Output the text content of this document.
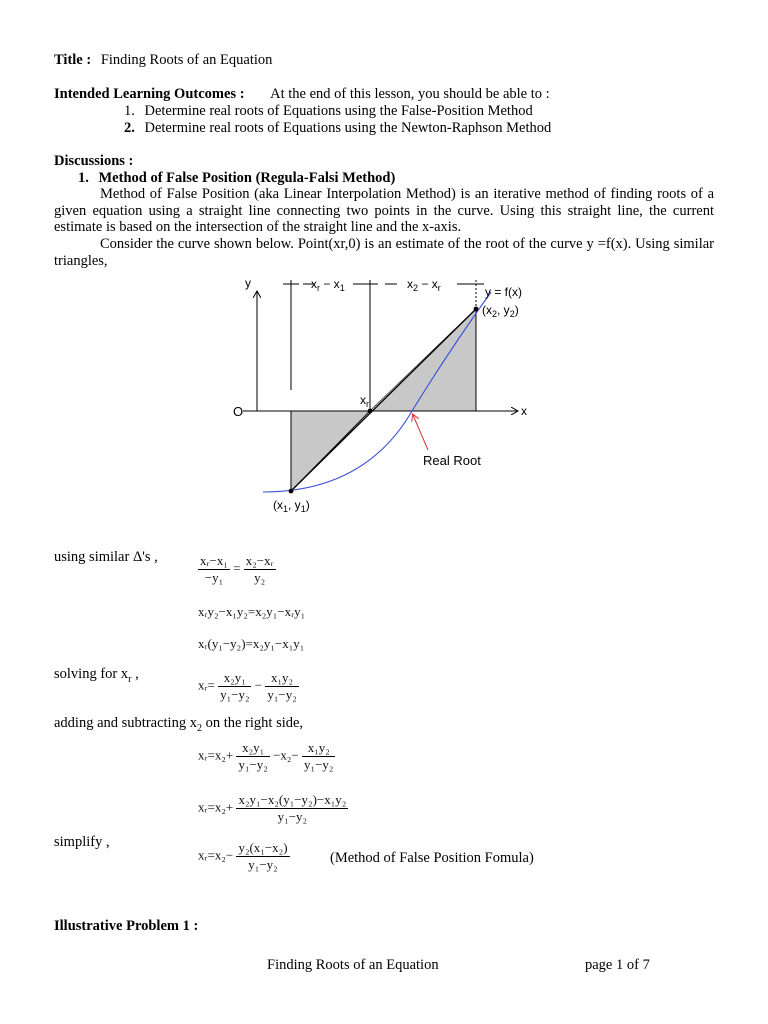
Title : Finding Roots of an Equation
Intended Learning Outcomes : At the end of this lesson, you should be able to :
1. Determine real roots of Equations using the False-Position Method
2. Determine real roots of Equations using the Newton-Raphson Method
Discussions :
1. Method of False Position (Regula-Falsi Method)
Method of False Position (aka Linear Interpolation Method) is an iterative method of finding roots of a given equation using a straight line connecting two points in the curve. Using this straight line, the current estimate is based on the intersection of the straight line and the x-axis.
Consider the curve shown below. Point(xr,0) is an estimate of the root of the curve y =f(x). Using similar triangles,
y
x
O
$x_r - x_1$	$x_2 - x_r$	y = f(x)
($x_2$, $y_2$)
$x_r$
Real Root
($x_1$, $y_1$)
using similar Δ's ,	$\frac{\text{xᵣ−x₁}}{\text{−y₁}} = \frac{\text{x₂−xᵣ}}{\text{y₂}}$
xᵣy₂−x₁y₂=x₂y₁−xᵣy₁
xᵣ(y₁−y₂)=x₂y₁−x₁y₁
solving for $x_r$ ,
xᵣ= $\frac{\text{x₂y₁}}{\text{y₁−y₂}} - \frac{\text{x₁y₂}}{\text{y₁−y₂}}$
adding and subtracting $x_2$ on the right side,
xᵣ=x₂+ $\frac{\text{x₂y₁}}{\text{y₁−y₂}} -x_2- \frac{\text{x₁y₂}}{\text{y₁−y₂}}$
xᵣ=x₂+ $\frac{\text{x₂y₁−x₂(y₁−y₂)−x₁y₂}}{\text{y₁−y₂}}$
simplify ,
xᵣ=x₂− $\frac{\text{y₂(x₁−x₂)}}{\text{y₁−y₂}}$	(Method of False Position Fomula)
Illustrative Problem 1 :
Finding Roots of an Equation	page 1 of 7
